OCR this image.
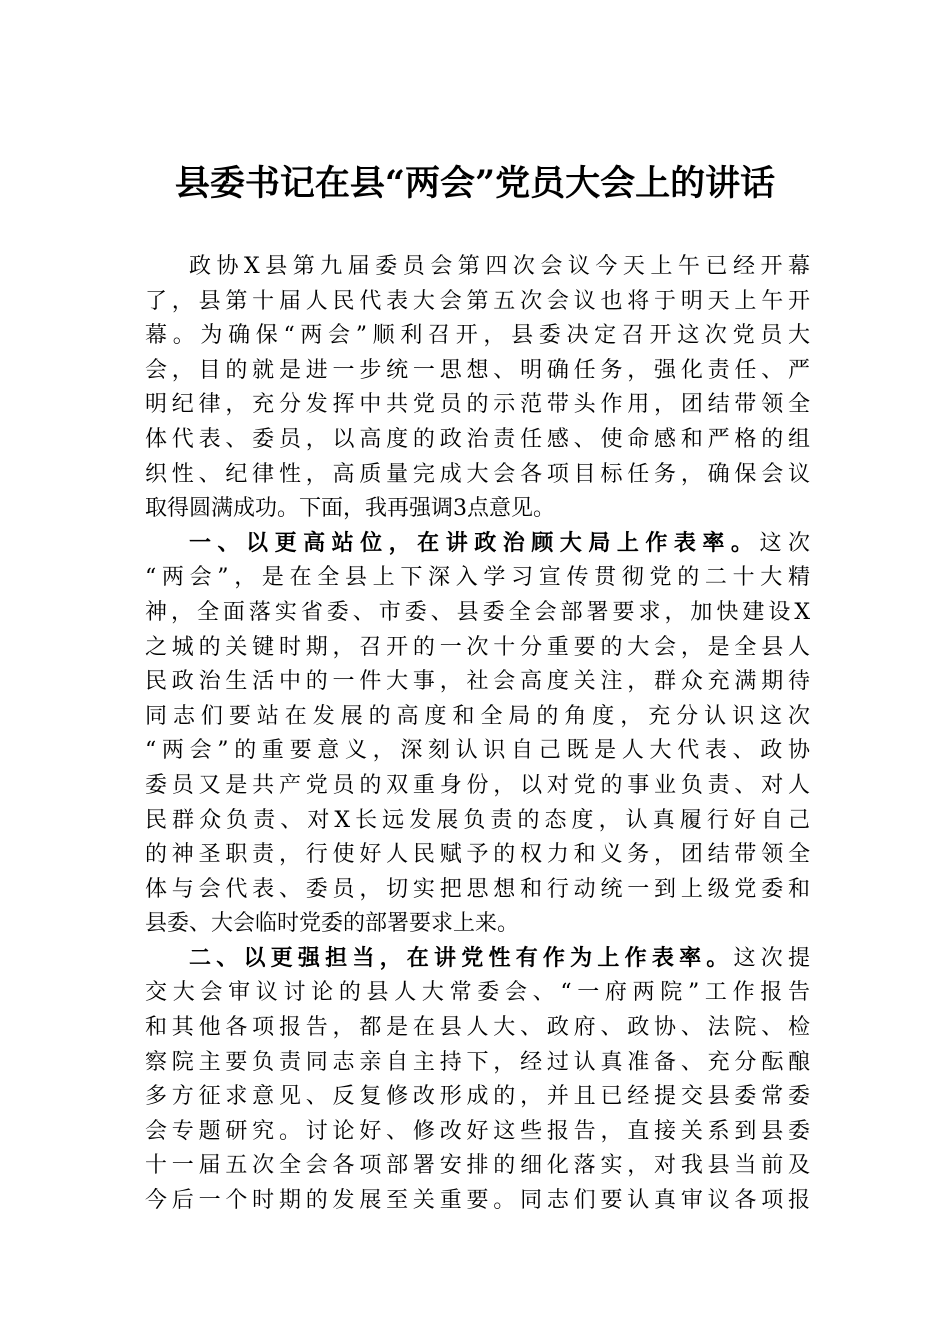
县委书记在县“两会”党员大会上的讲话
政协X县第九届委员会第四次会议今天上午已经开幕
了，县第十届人民代表大会第五次会议也将于明天上午开
幕。为确保“两会”顺利召开，县委决定召开这次党员大
会，目的就是进一步统一思想、明确任务，强化责任、严
明纪律，充分发挥中共党员的示范带头作用，团结带领全
体代表、委员，以高度的政治责任感、使命感和严格的组
织性、纪律性，高质量完成大会各项目标任务，确保会议
取得圆满成功。下面，我再强调3点意见。
一、以更高站位，在讲政治顾大局上作表率。这次
“两会”，是在全县上下深入学习宣传贯彻党的二十大精
神，全面落实省委、市委、县委全会部署要求，加快建设X
之城的关键时期，召开的一次十分重要的大会，是全县人
民政治生活中的一件大事，社会高度关注，群众充满期待
同志们要站在发展的高度和全局的角度，充分认识这次
“两会”的重要意义，深刻认识自己既是人大代表、政协
委员又是共产党员的双重身份，以对党的事业负责、对人
民群众负责、对X长远发展负责的态度，认真履行好自己
的神圣职责，行使好人民赋予的权力和义务，团结带领全
体与会代表、委员，切实把思想和行动统一到上级党委和
县委、大会临时党委的部署要求上来。
二、以更强担当，在讲党性有作为上作表率。这次提
交大会审议讨论的县人大常委会、“一府两院”工作报告
和其他各项报告，都是在县人大、政府、政协、法院、检
察院主要负责同志亲自主持下，经过认真准备、充分酝酿
多方征求意见、反复修改形成的，并且已经提交县委常委
会专题研究。讨论好、修改好这些报告，直接关系到县委
十一届五次全会各项部署安排的细化落实，对我县当前及
今后一个时期的发展至关重要。同志们要认真审议各项报
